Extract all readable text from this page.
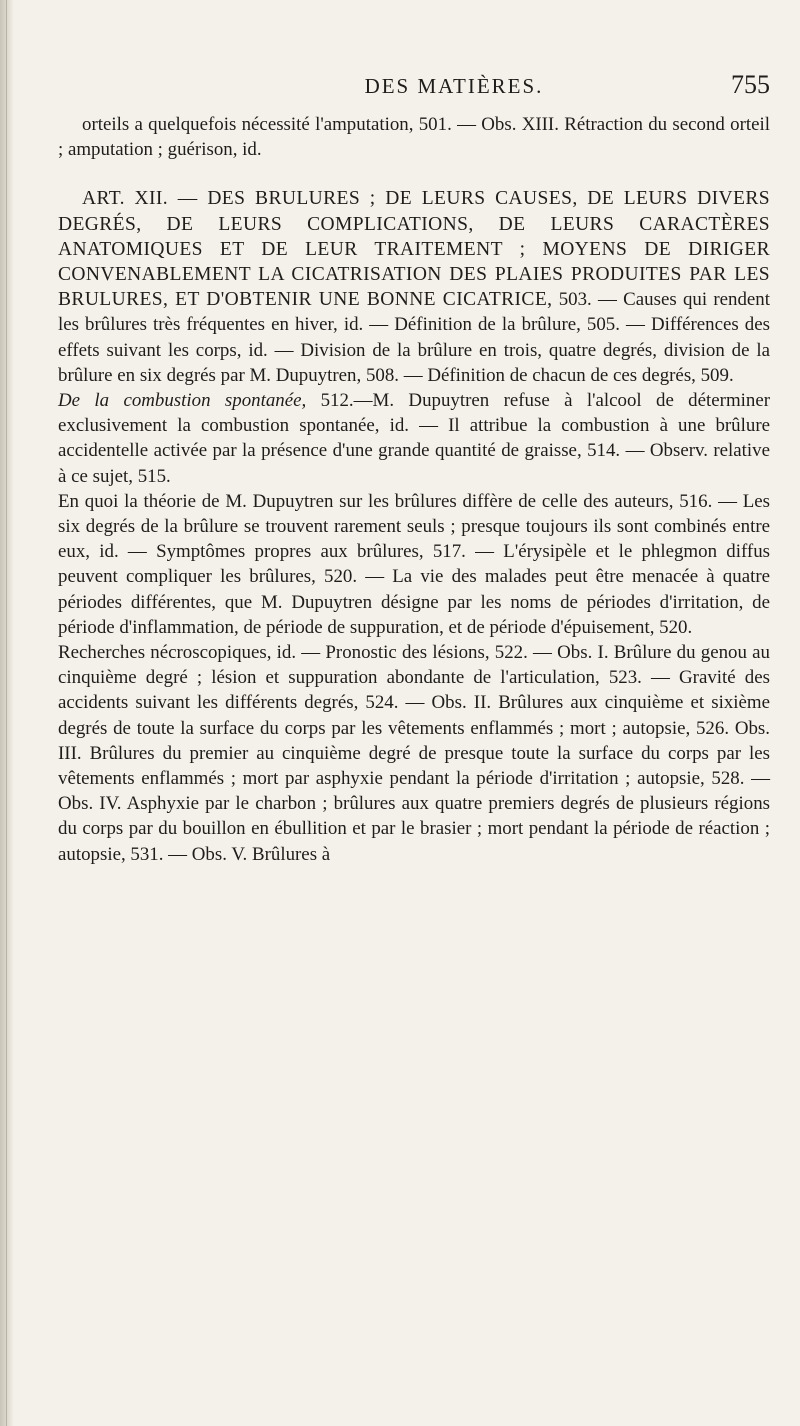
DES MATIÈRES.	755

orteils a quelquefois nécessité l'amputation, 501. — Obs. XIII. Rétraction du second orteil ; amputation ; guérison, id.

ART. XII. — DES BRULURES ; DE LEURS CAUSES, DE LEURS DIVERS DEGRÉS, DE LEURS COMPLICATIONS, DE LEURS CARACTÈRES ANATOMIQUES ET DE LEUR TRAITEMENT ; MOYENS DE DIRIGER CONVENABLEMENT LA CICATRISATION DES PLAIES PRODUITES PAR LES BRULURES, ET D'OBTENIR UNE BONNE CICATRICE, 503. — Causes qui rendent les brûlures très fréquentes en hiver, id. — Définition de la brûlure, 505. — Différences des effets suivant les corps, id. — Division de la brûlure en trois, quatre degrés, division de la brûlure en six degrés par M. Dupuytren, 508. — Définition de chacun de ces degrés, 509.

De la combustion spontanée, 512.—M. Dupuytren refuse à l'alcool de déterminer exclusivement la combustion spontanée, id. — Il attribue la combustion à une brûlure accidentelle activée par la présence d'une grande quantité de graisse, 514. — Observ. relative à ce sujet, 515.

En quoi la théorie de M. Dupuytren sur les brûlures diffère de celle des auteurs, 516. — Les six degrés de la brûlure se trouvent rarement seuls ; presque toujours ils sont combinés entre eux, id. — Symptômes propres aux brûlures, 517. — L'érysipèle et le phlegmon diffus peuvent compliquer les brûlures, 520. — La vie des malades peut être menacée à quatre périodes différentes, que M. Dupuytren désigne par les noms de périodes d'irritation, de période d'inflammation, de période de suppuration, et de période d'épuisement, 520.

Recherches nécroscopiques, id. — Pronostic des lésions, 522. — Obs. I. Brûlure du genou au cinquième degré ; lésion et suppuration abondante de l'articulation, 523. — Gravité des accidents suivant les différents degrés, 524. — Obs. II. Brûlures aux cinquième et sixième degrés de toute la surface du corps par les vêtements enflammés ; mort ; autopsie, 526. Obs. III. Brûlures du premier au cinquième degré de presque toute la surface du corps par les vêtements enflammés ; mort par asphyxie pendant la période d'irritation ; autopsie, 528. — Obs. IV. Asphyxie par le charbon ; brûlures aux quatre premiers degrés de plusieurs régions du corps par du bouillon en ébullition et par le brasier ; mort pendant la période de réaction ; autopsie, 531. — Obs. V. Brûlures à
